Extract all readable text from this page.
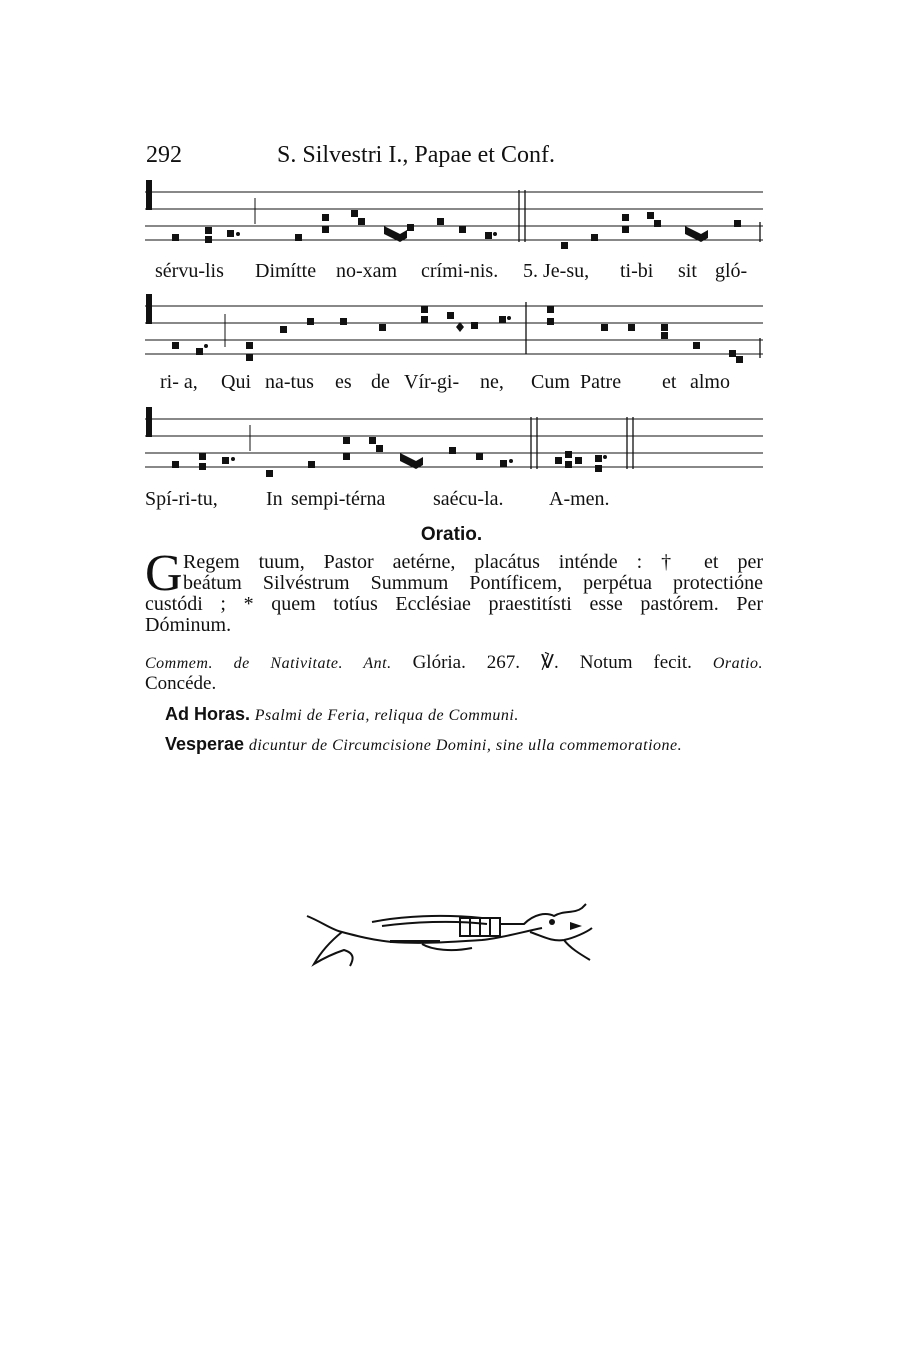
292	S. Silvestri I., Papae et Conf.
sérvu-lis Dimítte no-xam crími-nis. 5. Je-su, ti-bi sit gló-
ri- a, Qui na-tus es de Vír-gi- ne, Cum Patre et almo
Spí-ri-tu, In sempi-térna saécu-la. A-men.
Oratio.
G Regem tuum, Pastor aetérne, placátus inténde : † et per
beátum Silvéstrum Summum Pontíficem, perpétua protectióne
custódi ; * quem totíus Ecclésiae praestitísti esse pastórem. Per
Dóminum.
Commem. de Nativitate. Ant. Glória. 267. ℣. Notum fecit. Oratio.
Concéde.
Ad Horas. Psalmi de Feria, reliqua de Communi.
Vesperae dicuntur de Circumcisione Domini, sine ulla commemoratione.
